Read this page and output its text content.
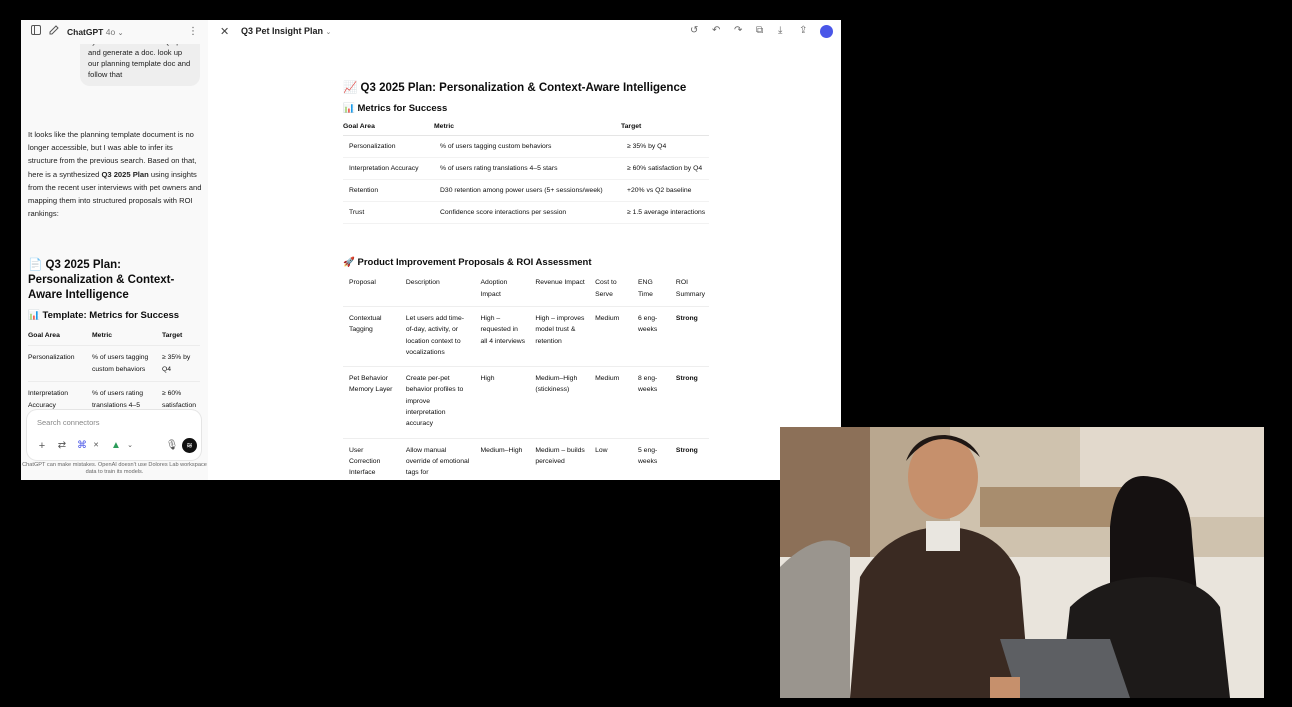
and generate a doc. look up our planning template doc and follow that
ChatGPT 4o ⌄	⋮
It looks like the planning template document is no longer accessible, but I was able to infer its structure from the previous search. Based on that, here is a synthesized Q3 2025 Plan using insights from the recent user interviews with pet owners and mapping them into structured proposals with ROI rankings:
📄 Q3 2025 Plan: Personalization & Context-Aware Intelligence
📊 Template: Metrics for Success
Goal Area	Metric	Target
Personalization	% of users tagging custom behaviors	≥ 35% by Q4
Interpretation Accuracy	% of users rating translations 4–5	≥ 60% satisfaction
Search connectors
+	⇄ ⌘ ✕	▲ ⌄	🎙 ≋
ChatGPT can make mistakes. OpenAI doesn't use Dolores Lab workspace data to train its models.
✕ Q3 Pet Insight Plan ⌄	↺ ↶ ↷ ⧉ ⤓ ⇪
📈 Q3 2025 Plan: Personalization & Context-Aware Intelligence
📊 Metrics for Success
Goal Area	Metric	Target
Personalization	% of users tagging custom behaviors	≥ 35% by Q4
Interpretation Accuracy	% of users rating translations 4–5 stars	≥ 60% satisfaction by Q4
Retention	D30 retention among power users (5+ sessions/week)	+20% vs Q2 baseline
Trust	Confidence score interactions per session	≥ 1.5 average interactions
🚀 Product Improvement Proposals & ROI Assessment
Proposal	Description	Adoption Impact	Revenue Impact	Cost to Serve	ENG Time	ROI Summary
Contextual Tagging	Let users add time-of-day, activity, or location context to vocalizations	High – requested in all 4 interviews	High – improves model trust & retention	Medium	6 eng-weeks	Strong
Pet Behavior Memory Layer	Create per-pet behavior profiles to improve interpretation accuracy	High	Medium–High (stickiness)	Medium	8 eng-weeks	Strong
User Correction Interface	Allow manual override of emotional tags for	Medium–High	Medium – builds perceived	Low	5 eng-weeks	Strong
